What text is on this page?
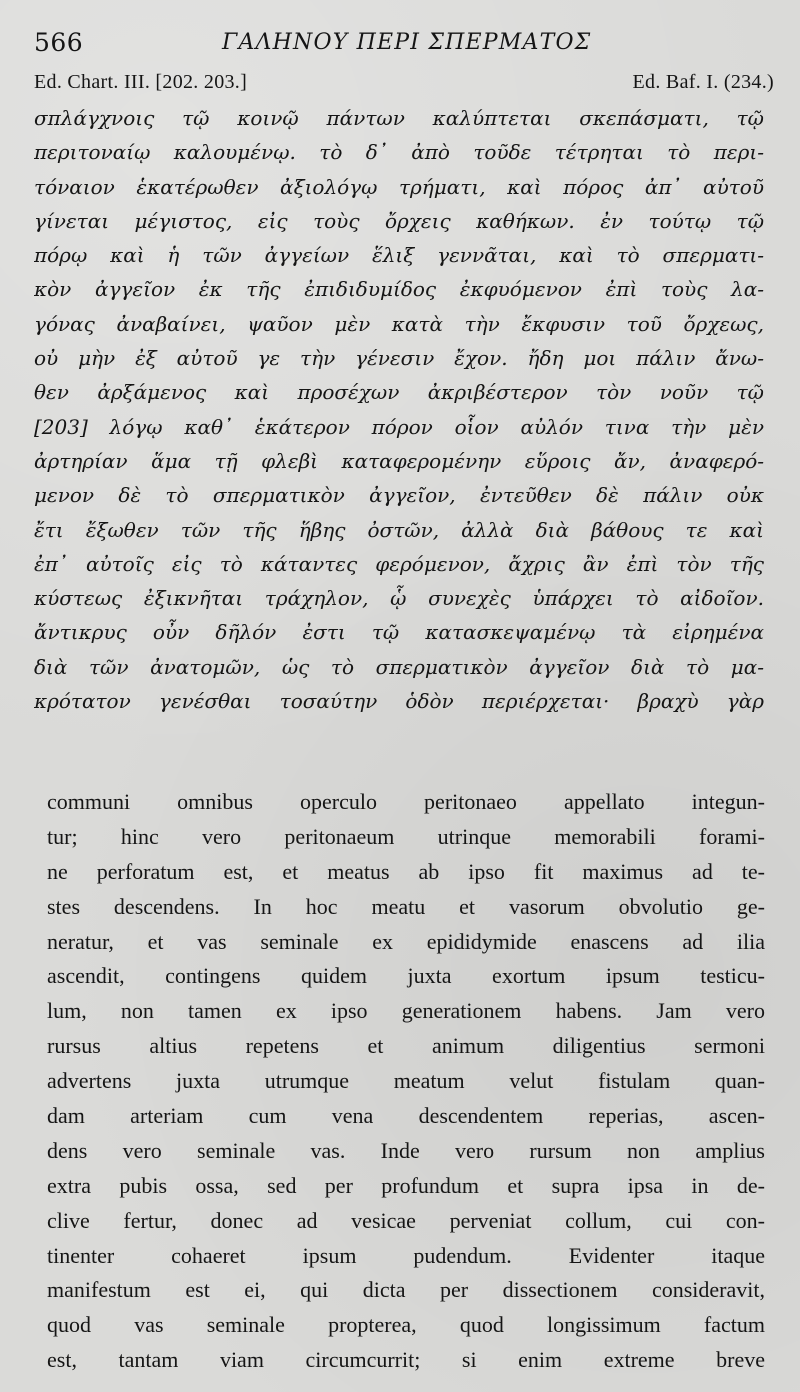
566	ΓΑΛΗΝΟΥ ΠΕΡΙ ΣΠΕΡΜΑΤΟΣ
Ed. Chart. III. [202. 203.]	Ed. Baf. I. (234.)
σπλάγχνοις τῷ κοινῷ πάντων καλύπτεται σκεπάσματι, τῷ
περιτοναίῳ καλουμένῳ. τὸ δ᾽ ἀπὸ τοῦδε τέτρηται τὸ περι-
τόναιον ἑκατέρωθεν ἀξιολόγῳ τρήματι, καὶ πόρος ἀπ᾽ αὐτοῦ
γίνεται μέγιστος, εἰς τοὺς ὄρχεις καθήκων. ἐν τούτῳ τῷ
πόρῳ καὶ ἡ τῶν ἀγγείων ἕλιξ γεννᾶται, καὶ τὸ σπερματι-
κὸν ἀγγεῖον ἐκ τῆς ἐπιδιδυμίδος ἐκφυόμενον ἐπὶ τοὺς λα-
γόνας ἀναβαίνει, ψαῦον μὲν κατὰ τὴν ἔκφυσιν τοῦ ὄρχεως,
οὐ μὴν ἐξ αὐτοῦ γε τὴν γένεσιν ἔχον. ἤδη μοι πάλιν ἄνω-
θεν ἀρξάμενος καὶ προσέχων ἀκριβέστερον τὸν νοῦν τῷ
[203] λόγῳ καθ᾽ ἑκάτερον πόρον οἷον αὐλόν τινα τὴν μὲν
ἀρτηρίαν ἅμα τῇ φλεβὶ καταφερομένην εὕροις ἄν, ἀναφερό-
μενον δὲ τὸ σπερματικὸν ἀγγεῖον, ἐντεῦθεν δὲ πάλιν οὐκ
ἔτι ἔξωθεν τῶν τῆς ἥβης ὀστῶν, ἀλλὰ διὰ βάθους τε καὶ
ἐπ᾽ αὐτοῖς εἰς τὸ κάταντες φερόμενον, ἄχρις ἂν ἐπὶ τὸν τῆς
κύστεως ἐξικνῆται τράχηλον, ᾧ συνεχὲς ὑπάρχει τὸ αἰδοῖον.
ἄντικρυς οὖν δῆλόν ἐστι τῷ κατασκεψαμένῳ τὰ εἰρημένα
διὰ τῶν ἀνατομῶν, ὡς τὸ σπερματικὸν ἀγγεῖον διὰ τὸ μα-
κρότατον γενέσθαι τοσαύτην ὁδὸν περιέρχεται· βραχὺ γὰρ
communi omnibus operculo peritonaeo appellato integun-
tur; hinc vero peritonaeum utrinque memorabili forami-
ne perforatum est, et meatus ab ipso fit maximus ad te-
stes descendens. In hoc meatu et vasorum obvolutio ge-
neratur, et vas seminale ex epididymide enascens ad ilia
ascendit, contingens quidem juxta exortum ipsum testicu-
lum, non tamen ex ipso generationem habens. Jam vero
rursus altius repetens et animum diligentius sermoni
advertens juxta utrumque meatum velut fistulam quan-
dam arteriam cum vena descendentem reperias, ascen-
dens vero seminale vas. Inde vero rursum non amplius
extra pubis ossa, sed per profundum et supra ipsa in de-
clive fertur, donec ad vesicae perveniat collum, cui con-
tinenter cohaeret ipsum pudendum. Evidenter itaque
manifestum est ei, qui dicta per dissectionem consideravit,
quod vas seminale propterea, quod longissimum factum
est, tantam viam circumcurrit; si enim extreme breve
